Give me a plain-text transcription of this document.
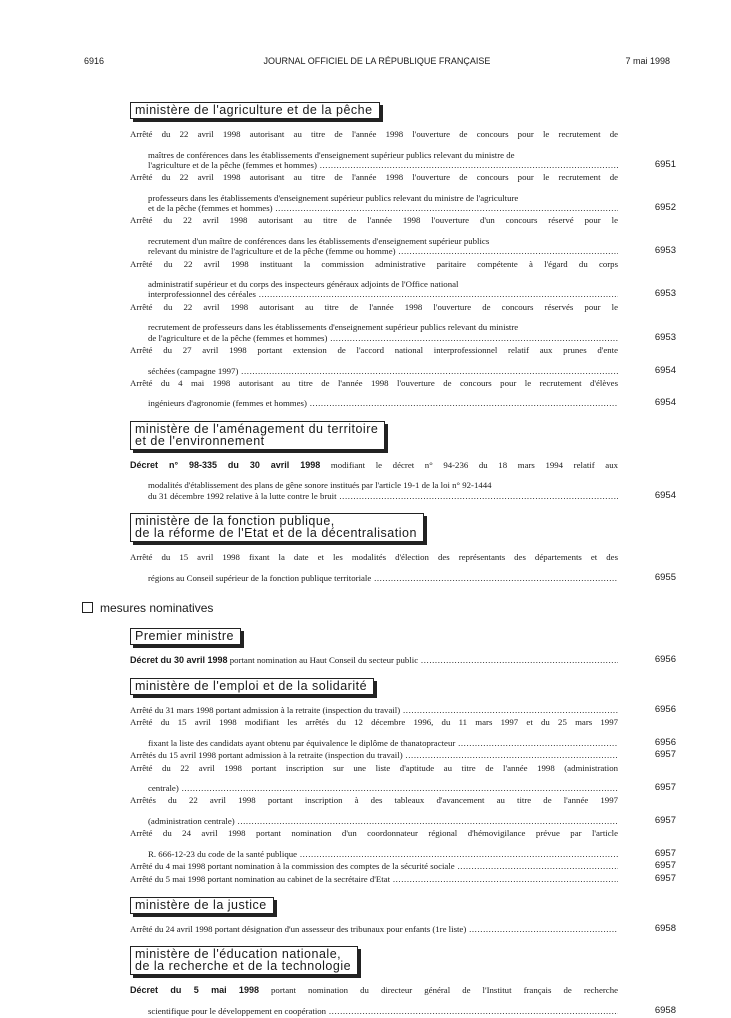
6916	JOURNAL OFFICIEL DE LA RÉPUBLIQUE FRANÇAISE	7 mai 1998
ministère de l'agriculture et de la pêche
Arrêté du 22 avril 1998 autorisant au titre de l'année 1998 l'ouverture de concours pour le recrutement de
maîtres de conférences dans les établissements d'enseignement supérieur publics relevant du ministre de
l'agriculture et de la pêche (femmes et hommes) .....	6951
Arrêté du 22 avril 1998 autorisant au titre de l'année 1998 l'ouverture de concours pour le recrutement de
professeurs dans les établissements d'enseignement supérieur publics relevant du ministre de l'agriculture
et de la pêche (femmes et hommes) .....	6952
Arrêté du 22 avril 1998 autorisant au titre de l'année 1998 l'ouverture d'un concours réservé pour le
recrutement d'un maître de conférences dans les établissements d'enseignement supérieur publics
relevant du ministre de l'agriculture et de la pêche (femme ou homme) .....	6953
Arrêté du 22 avril 1998 instituant la commission administrative paritaire compétente à l'égard du corps
administratif supérieur et du corps des inspecteurs généraux adjoints de l'Office national
interprofessionnel des céréales .....	6953
Arrêté du 22 avril 1998 autorisant au titre de l'année 1998 l'ouverture de concours réservés pour le
recrutement de professeurs dans les établissements d'enseignement supérieur publics relevant du ministre
de l'agriculture et de la pêche (femmes et hommes) .....	6953
Arrêté du 27 avril 1998 portant extension de l'accord national interprofessionnel relatif aux prunes d'ente
séchées (campagne 1997) .....	6954
Arrêté du 4 mai 1998 autorisant au titre de l'année 1998 l'ouverture de concours pour le recrutement d'élèves
ingénieurs d'agronomie (femmes et hommes) .....	6954
ministère de l'aménagement du territoire
et de l'environnement
Décret n° 98-335 du 30 avril 1998 modifiant le décret n° 94-236 du 18 mars 1994 relatif aux
modalités d'établissement des plans de gêne sonore institués par l'article 19-1 de la loi n° 92-1444
du 31 décembre 1992 relative à la lutte contre le bruit .....	6954
ministère de la fonction publique,
de la réforme de l'Etat et de la décentralisation
Arrêté du 15 avril 1998 fixant la date et les modalités d'élection des représentants des départements et des
régions au Conseil supérieur de la fonction publique territoriale .....	6955
mesures nominatives
Premier ministre
Décret du 30 avril 1998 portant nomination au Haut Conseil du secteur public .....	6956
ministère de l'emploi et de la solidarité
Arrêté du 31 mars 1998 portant admission à la retraite (inspection du travail) .....	6956
Arrêté du 15 avril 1998 modifiant les arrêtés du 12 décembre 1996, du 11 mars 1997 et du 25 mars 1997
fixant la liste des candidats ayant obtenu par équivalence le diplôme de thanatopracteur .....	6956
Arrêtés du 15 avril 1998 portant admission à la retraite (inspection du travail) .....	6957
Arrêté du 22 avril 1998 portant inscription sur une liste d'aptitude au titre de l'année 1998 (administration
centrale) .....	6957
Arrêtés du 22 avril 1998 portant inscription à des tableaux d'avancement au titre de l'année 1997
(administration centrale) .....	6957
Arrêté du 24 avril 1998 portant nomination d'un coordonnateur régional d'hémovigilance prévue par l'article
R. 666-12-23 du code de la santé publique .....	6957
Arrêté du 4 mai 1998 portant nomination à la commission des comptes de la sécurité sociale .....	6957
Arrêté du 5 mai 1998 portant nomination au cabinet de la secrétaire d'Etat .....	6957
ministère de la justice
Arrêté du 24 avril 1998 portant désignation d'un assesseur des tribunaux pour enfants (1re liste) .....	6958
ministère de l'éducation nationale,
de la recherche et de la technologie
Décret du 5 mai 1998 portant nomination du directeur général de l'Institut français de recherche
scientifique pour le développement en coopération .....	6958
